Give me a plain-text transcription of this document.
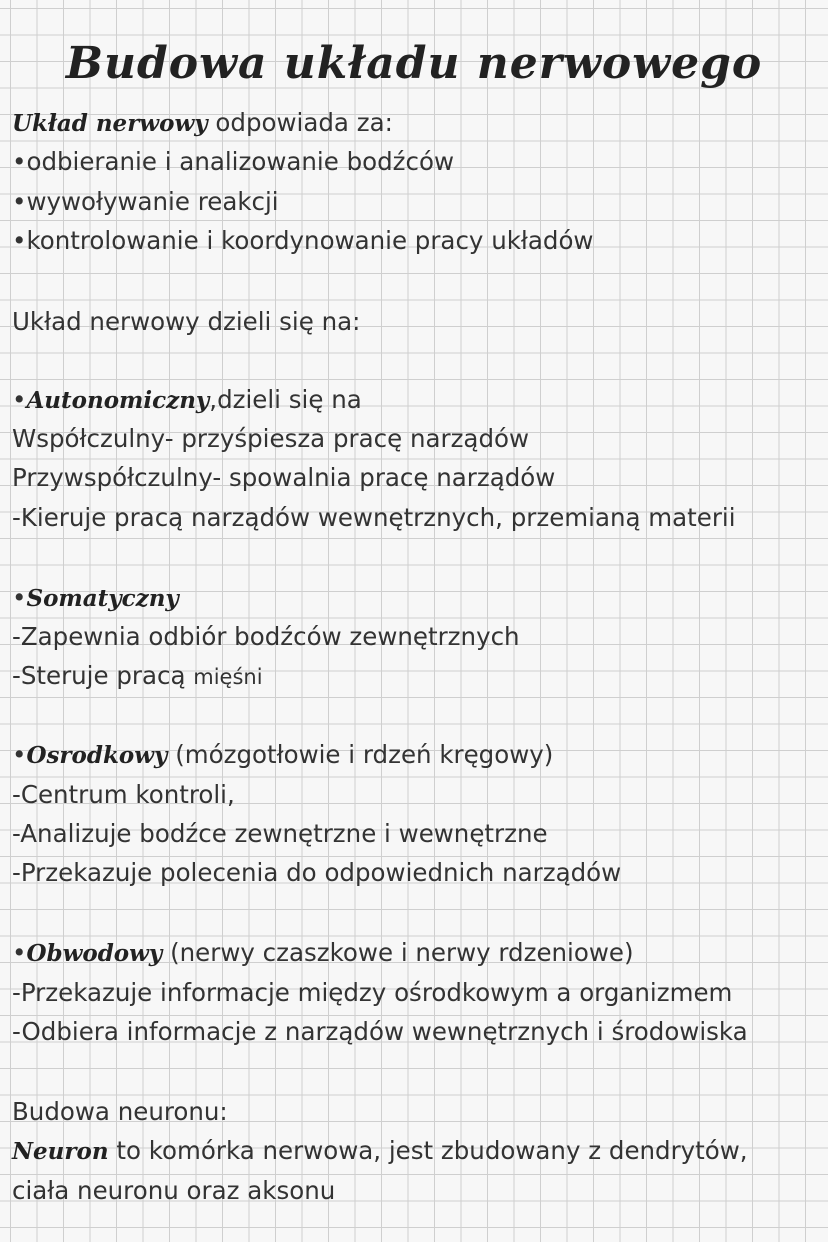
Budowa układu nerwowego
Układ nerwowy odpowiada za:
•odbieranie i analizowanie bodźców
•wywoływanie reakcji
•kontrolowanie i koordynowanie pracy układów
Układ nerwowy dzieli się na:
•Autonomiczny,dzieli się na
Współczulny- przyśpiesza pracę narządów
Przywspółczulny- spowalnia pracę narządów
-Kieruje pracą narządów wewnętrznych, przemianą materii
•Somatyczny
-Zapewnia odbiór bodźców zewnętrznych
-Steruje pracą mięśni
•Osrodkowy (mózgotłowie i rdzeń kręgowy)
-Centrum kontroli,
-Analizuje bodźce zewnętrzne i wewnętrzne
-Przekazuje polecenia do odpowiednich narządów
•Obwodowy (nerwy czaszkowe i nerwy rdzeniowe)
-Przekazuje informacje między ośrodkowym a organizmem
-Odbiera informacje z narządów wewnętrznych i środowiska
Budowa neuronu:
Neuron to komórka nerwowa, jest zbudowany z dendrytów,
ciała neuronu oraz aksonu
